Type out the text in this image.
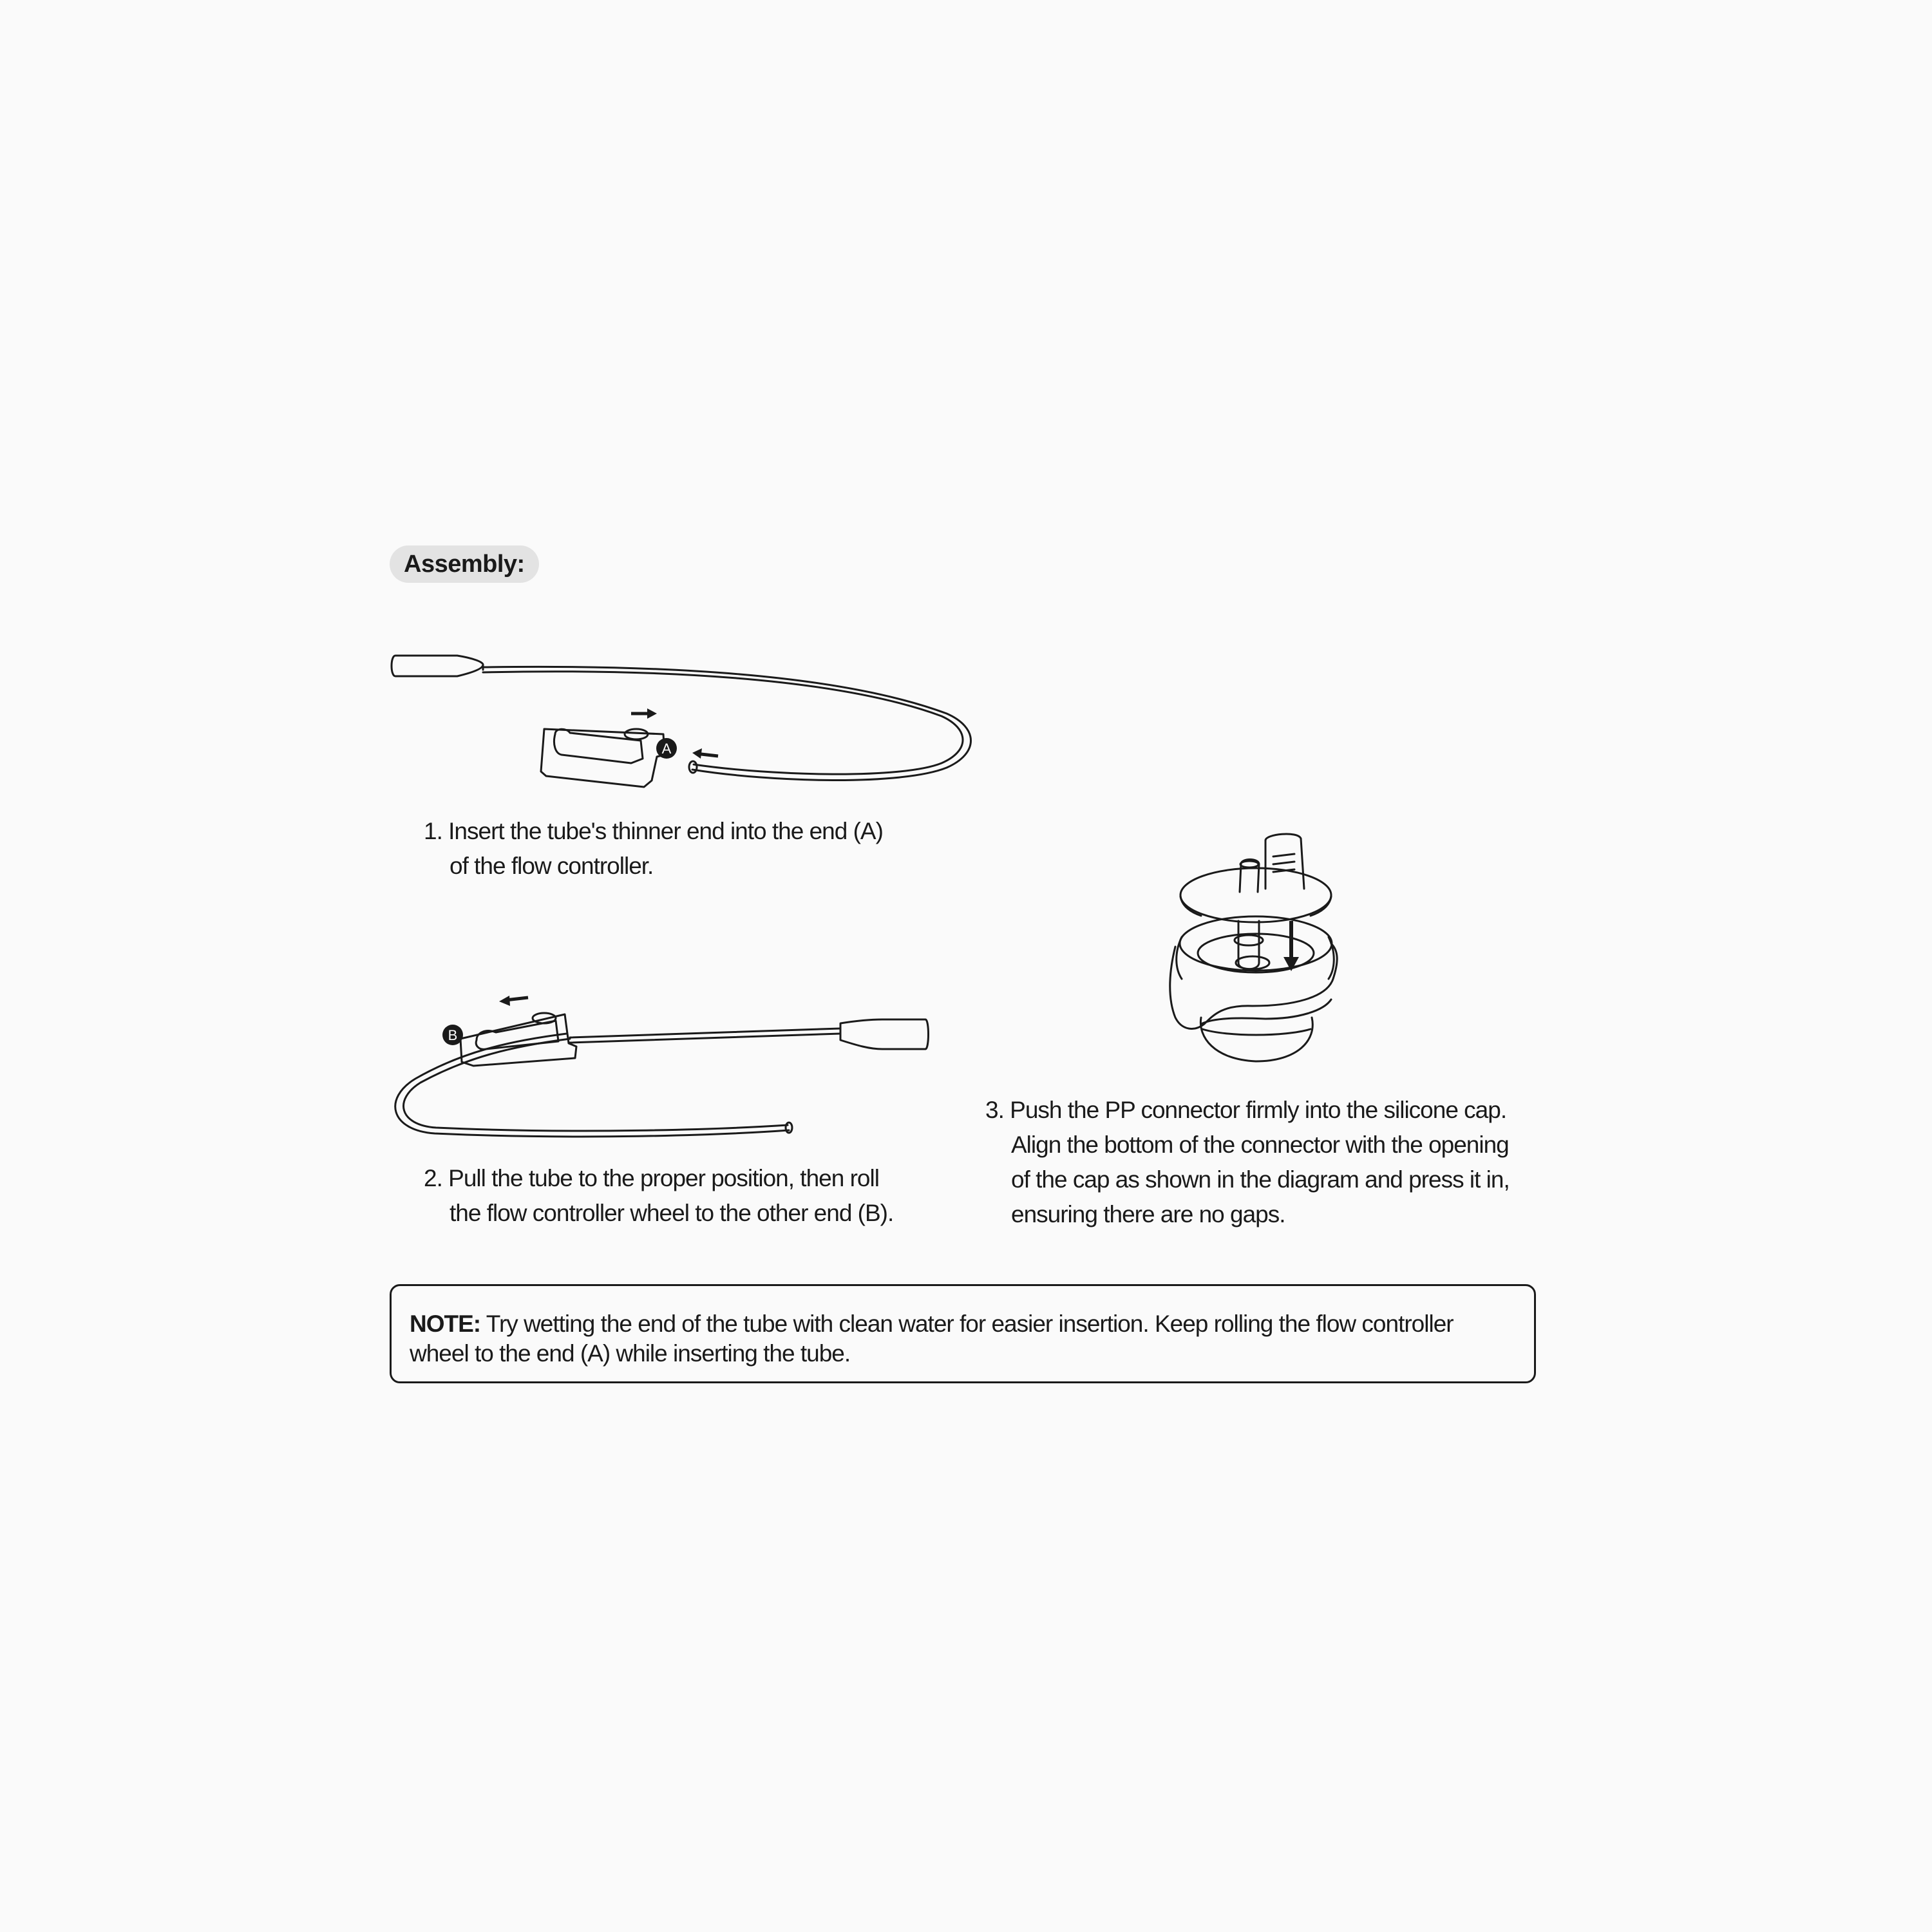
Assembly:
A
1. Insert the tube's thinner end into the end (A)
of the flow controller.
B
2. Pull the tube to the proper position, then roll
the flow controller wheel to the other end (B).
3. Push the PP connector firmly into the silicone cap.
Align the bottom of the connector with the opening
of the cap as shown in the diagram and press it in,
ensuring there are no gaps.
NOTE: Try wetting the end of the tube with clean water for easier insertion. Keep rolling the flow controller wheel to the end (A) while inserting the tube.
